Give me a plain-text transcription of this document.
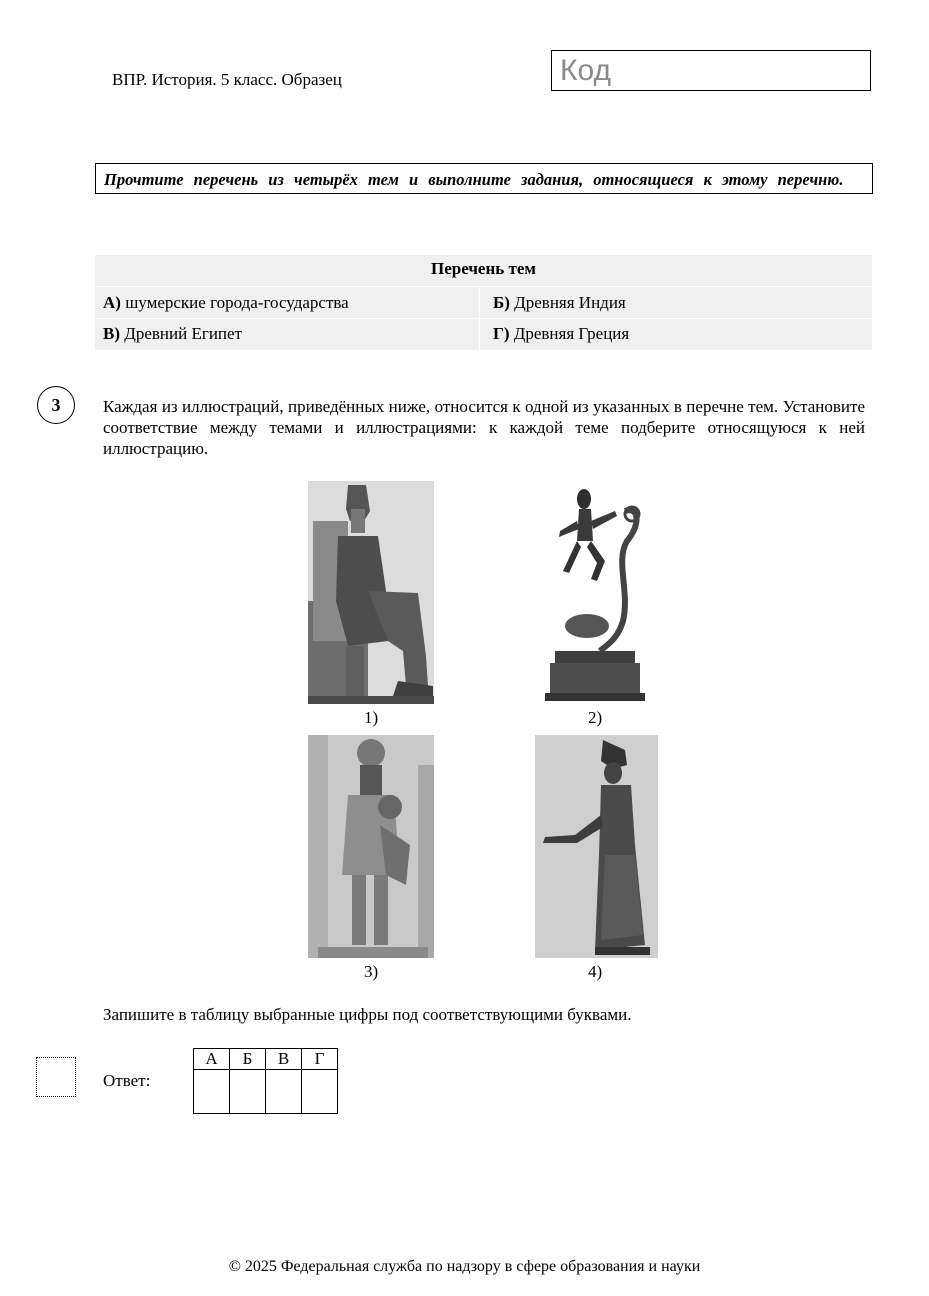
ВПР. История. 5 класс. Образец	Код
Прочтите перечень из четырёх тем и выполните задания, относящиеся к этому перечню.
Перечень тем
А) шумерские города-государства	Б) Древняя Индия
В) Древний Египет	Г) Древняя Греция
3	Каждая из иллюстраций, приведённых ниже, относится к одной из указанных в перечне тем. Установите соответствие между темами и иллюстрациями: к каждой теме подберите относящуюся к ней иллюстрацию.
1)	2)
3)	4)
Запишите в таблицу выбранные цифры под соответствующими буквами.
Ответ:
А	Б	В	Г

© 2025 Федеральная служба по надзору в сфере образования и науки
